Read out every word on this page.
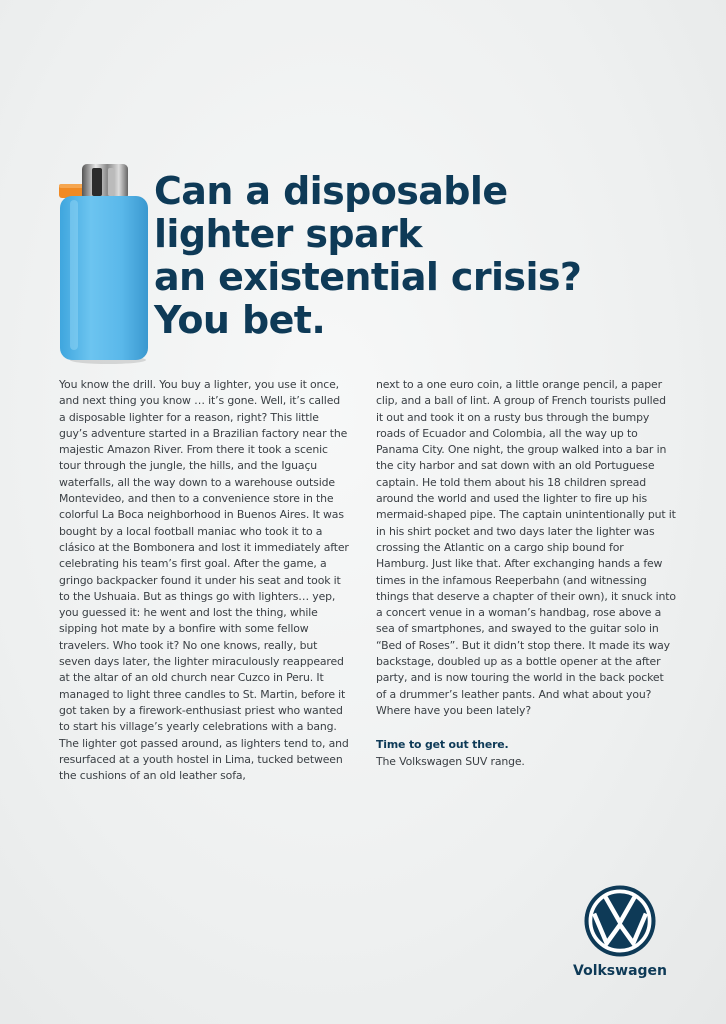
Can a disposable
lighter spark
an existential crisis?
You bet.

You know the drill. You buy a lighter, you use it once, and next thing you know … it’s gone. Well, it’s called a disposable lighter for a reason, right? This little guy’s adventure started in a Brazilian factory near the majestic Amazon River. From there it took a scenic tour through the jungle, the hills, and the Iguaçu waterfalls, all the way down to a warehouse outside Montevideo, and then to a convenience store in the colorful La Boca neighborhood in Buenos Aires. It was bought by a local football maniac who took it to a clásico at the Bombonera and lost it immediately after celebrating his team’s first goal. After the game, a gringo backpacker found it under his seat and took it to the Ushuaia. But as things go with lighters… yep, you guessed it: he went and lost the thing, while sipping hot mate by a bonfire with some fellow travelers. Who took it? No one knows, really, but seven days later, the lighter miraculously reappeared at the altar of an old church near Cuzco in Peru. It managed to light three candles to St. Martin, before it got taken by a firework-enthusiast priest who wanted to start his village’s yearly celebrations with a bang. The lighter got passed around, as lighters tend to, and resurfaced at a youth hostel in Lima, tucked between the cushions of an old leather sofa,

next to a one euro coin, a little orange pencil, a paper clip, and a ball of lint. A group of French tourists pulled it out and took it on a rusty bus through the bumpy roads of Ecuador and Colombia, all the way up to Panama City. One night, the group walked into a bar in the city harbor and sat down with an old Portuguese captain. He told them about his 18 children spread around the world and used the lighter to fire up his mermaid-shaped pipe. The captain unintentionally put it in his shirt pocket and two days later the lighter was crossing the Atlantic on a cargo ship bound for Hamburg. Just like that. After exchanging hands a few times in the infamous Reeperbahn (and witnessing things that deserve a chapter of their own), it snuck into a concert venue in a woman’s handbag, rose above a sea of smartphones, and swayed to the guitar solo in “Bed of Roses”. But it didn’t stop there. It made its way backstage, doubled up as a bottle opener at the after party, and is now touring the world in the back pocket of a drummer’s leather pants. And what about you? Where have you been lately?

Time to get out there.

The Volkswagen SUV range.

Volkswagen
